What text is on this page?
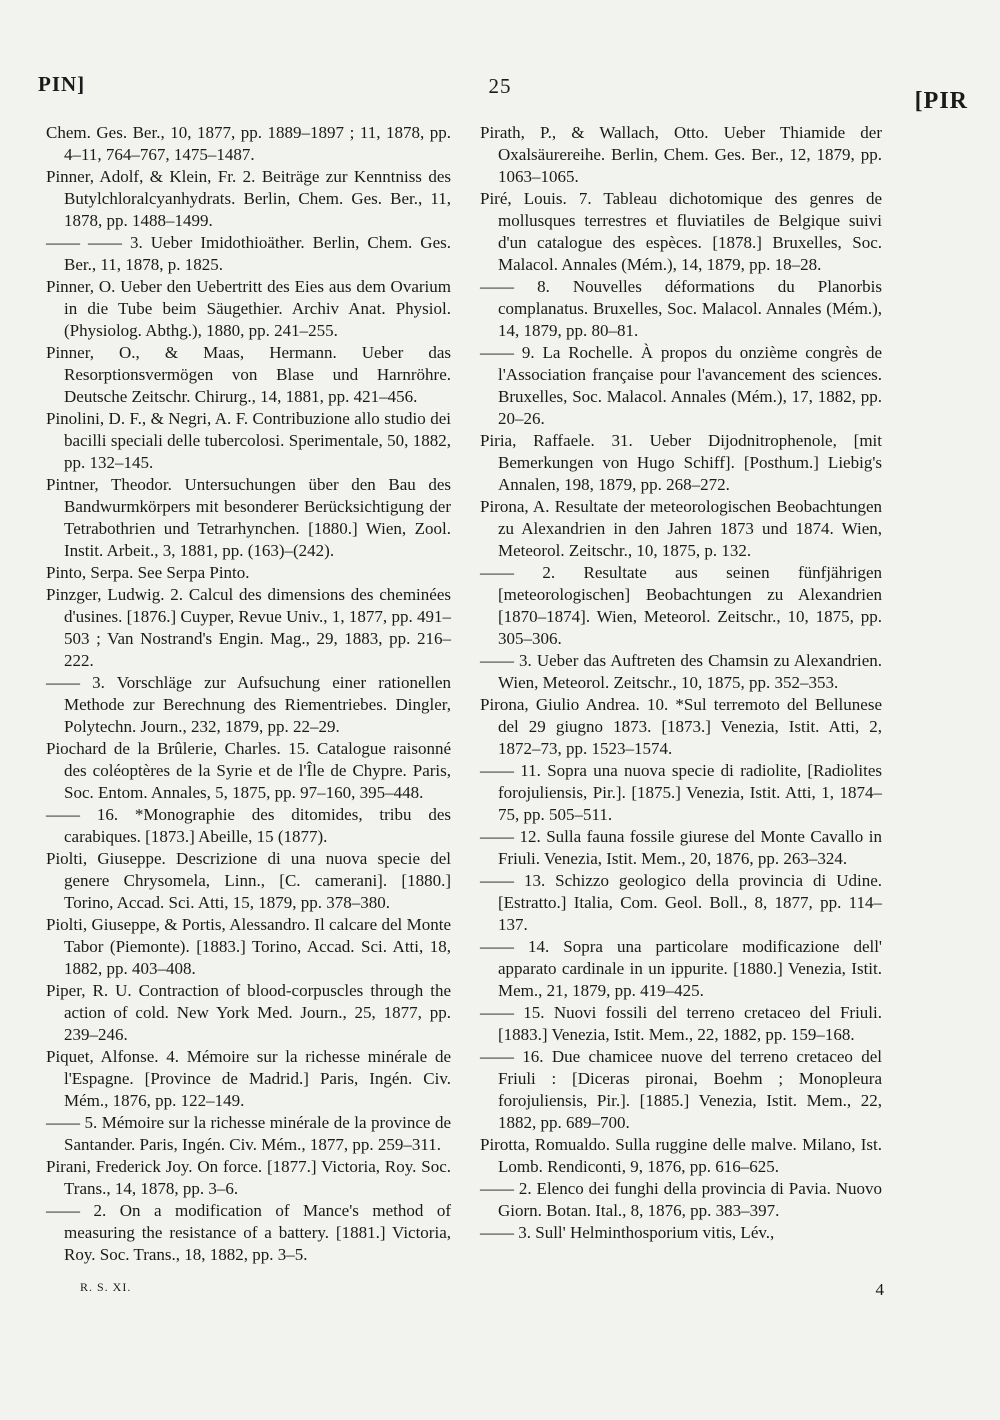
PIN]	25
[PIR

Chem. Ges. Ber., 10, 1877, pp. 1889–1897 ; 11, 1878, pp. 4–11, 764–767, 1475–1487.

Pinner, Adolf, & Klein, Fr. 2. Beiträge zur Kenntniss des Butylchloralcyanhydrats. Berlin, Chem. Ges. Ber., 11, 1878, pp. 1488–1499.

—— —— 3. Ueber Imidothioäther. Berlin, Chem. Ges. Ber., 11, 1878, p. 1825.

Pinner, O. Ueber den Uebertritt des Eies aus dem Ovarium in die Tube beim Säugethier. Archiv Anat. Physiol. (Physiolog. Abthg.), 1880, pp. 241–255.

Pinner, O., & Maas, Hermann. Ueber das Resorptionsvermögen von Blase und Harnröhre. Deutsche Zeitschr. Chirurg., 14, 1881, pp. 421–456.

Pinolini, D. F., & Negri, A. F. Contribuzione allo studio dei bacilli speciali delle tubercolosi. Sperimentale, 50, 1882, pp. 132–145.

Pintner, Theodor. Untersuchungen über den Bau des Bandwurmkörpers mit besonderer Berücksichtigung der Tetrabothrien und Tetrarhynchen. [1880.] Wien, Zool. Instit. Arbeit., 3, 1881, pp. (163)–(242).

Pinto, Serpa. See Serpa Pinto.

Pinzger, Ludwig. 2. Calcul des dimensions des cheminées d'usines. [1876.] Cuyper, Revue Univ., 1, 1877, pp. 491–503 ; Van Nostrand's Engin. Mag., 29, 1883, pp. 216–222.

—— 3. Vorschläge zur Aufsuchung einer rationellen Methode zur Berechnung des Riementriebes. Dingler, Polytechn. Journ., 232, 1879, pp. 22–29.

Piochard de la Brûlerie, Charles. 15. Catalogue raisonné des coléoptères de la Syrie et de l'Île de Chypre. Paris, Soc. Entom. Annales, 5, 1875, pp. 97–160, 395–448.

—— 16. *Monographie des ditomides, tribu des carabiques. [1873.] Abeille, 15 (1877).

Piolti, Giuseppe. Descrizione di una nuova specie del genere Chrysomela, Linn., [C. camerani]. [1880.] Torino, Accad. Sci. Atti, 15, 1879, pp. 378–380.

Piolti, Giuseppe, & Portis, Alessandro. Il calcare del Monte Tabor (Piemonte). [1883.] Torino, Accad. Sci. Atti, 18, 1882, pp. 403–408.

Piper, R. U. Contraction of blood-corpuscles through the action of cold. New York Med. Journ., 25, 1877, pp. 239–246.

Piquet, Alfonse. 4. Mémoire sur la richesse minérale de l'Espagne. [Province de Madrid.] Paris, Ingén. Civ. Mém., 1876, pp. 122–149.

—— 5. Mémoire sur la richesse minérale de la province de Santander. Paris, Ingén. Civ. Mém., 1877, pp. 259–311.

Pirani, Frederick Joy. On force. [1877.] Victoria, Roy. Soc. Trans., 14, 1878, pp. 3–6.

—— 2. On a modification of Mance's method of measuring the resistance of a battery. [1881.] Victoria, Roy. Soc. Trans., 18, 1882, pp. 3–5.

Pirath, P., & Wallach, Otto. Ueber Thiamide der Oxalsäurereihe. Berlin, Chem. Ges. Ber., 12, 1879, pp. 1063–1065.

Piré, Louis. 7. Tableau dichotomique des genres de mollusques terrestres et fluviatiles de Belgique suivi d'un catalogue des espèces. [1878.] Bruxelles, Soc. Malacol. Annales (Mém.), 14, 1879, pp. 18–28.

—— 8. Nouvelles déformations du Planorbis complanatus. Bruxelles, Soc. Malacol. Annales (Mém.), 14, 1879, pp. 80–81.

—— 9. La Rochelle. À propos du onzième congrès de l'Association française pour l'avancement des sciences. Bruxelles, Soc. Malacol. Annales (Mém.), 17, 1882, pp. 20–26.

Piria, Raffaele. 31. Ueber Dijodnitrophenole, [mit Bemerkungen von Hugo Schiff]. [Posthum.] Liebig's Annalen, 198, 1879, pp. 268–272.

Pirona, A. Resultate der meteorologischen Beobachtungen zu Alexandrien in den Jahren 1873 und 1874. Wien, Meteorol. Zeitschr., 10, 1875, p. 132.

—— 2. Resultate aus seinen fünfjährigen [meteorologischen] Beobachtungen zu Alexandrien [1870–1874]. Wien, Meteorol. Zeitschr., 10, 1875, pp. 305–306.

—— 3. Ueber das Auftreten des Chamsin zu Alexandrien. Wien, Meteorol. Zeitschr., 10, 1875, pp. 352–353.

Pirona, Giulio Andrea. 10. *Sul terremoto del Bellunese del 29 giugno 1873. [1873.] Venezia, Istit. Atti, 2, 1872–73, pp. 1523–1574.

—— 11. Sopra una nuova specie di radiolite, [Radiolites forojuliensis, Pir.]. [1875.] Venezia, Istit. Atti, 1, 1874–75, pp. 505–511.

—— 12. Sulla fauna fossile giurese del Monte Cavallo in Friuli. Venezia, Istit. Mem., 20, 1876, pp. 263–324.

—— 13. Schizzo geologico della provincia di Udine. [Estratto.] Italia, Com. Geol. Boll., 8, 1877, pp. 114–137.

—— 14. Sopra una particolare modificazione dell' apparato cardinale in un ippurite. [1880.] Venezia, Istit. Mem., 21, 1879, pp. 419–425.

—— 15. Nuovi fossili del terreno cretaceo del Friuli. [1883.] Venezia, Istit. Mem., 22, 1882, pp. 159–168.

—— 16. Due chamicee nuove del terreno cretaceo del Friuli : [Diceras pironai, Boehm ; Monopleura forojuliensis, Pir.]. [1885.] Venezia, Istit. Mem., 22, 1882, pp. 689–700.

Pirotta, Romualdo. Sulla ruggine delle malve. Milano, Ist. Lomb. Rendiconti, 9, 1876, pp. 616–625.

—— 2. Elenco dei funghi della provincia di Pavia. Nuovo Giorn. Botan. Ital., 8, 1876, pp. 383–397.

—— 3. Sull' Helminthosporium vitis, Lév.,

R. S. XI.	4
